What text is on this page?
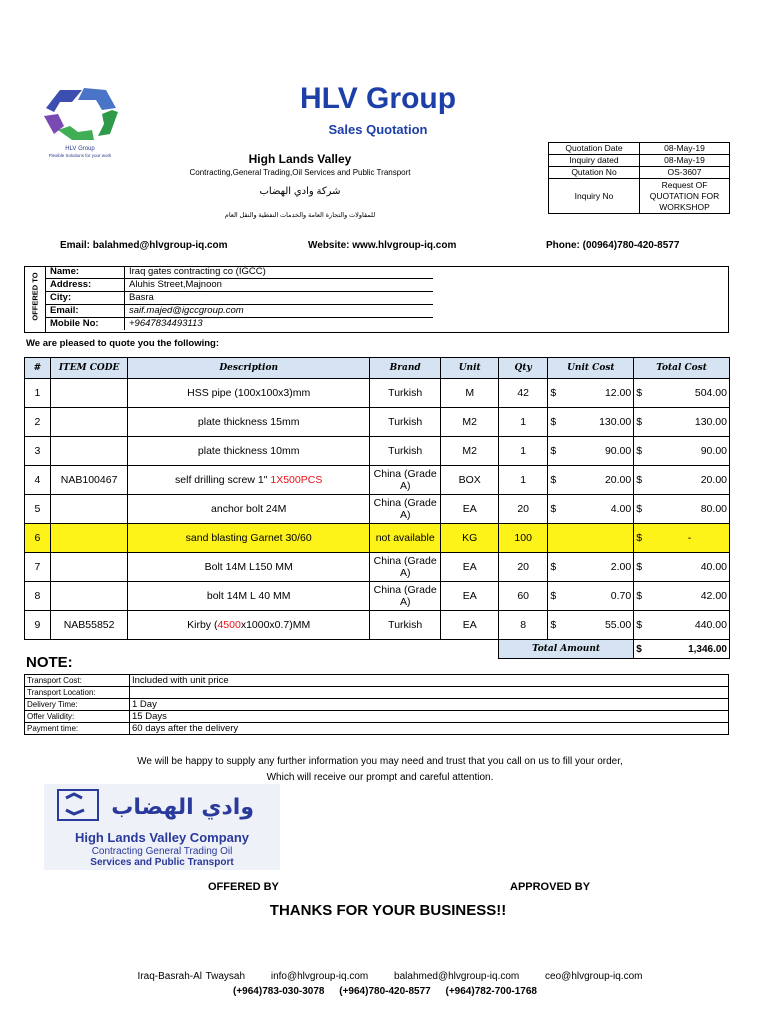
HLV Group
Flexible Solutions for your work
HLV Group
Sales Quotation
High Lands Valley
Contracting,General Trading,Oil Services and Public Transport
شركة وادي الهضاب
للمقاولات والتجارة العامة والخدمات النفطية والنقل العام
Quotation Date	08-May-19
Inquiry dated	08-May-19
Qutation No	OS-3607
Inquiry No	Request OF QUOTATION FOR WORKSHOP
Email: balahmed@hlvgroup-iq.com	Website: www.hlvgroup-iq.com	Phone: (00964)780-420-8577
OFFERED TO
Name:	Iraq gates contracting co (IGCC)
Address:	Aluhis Street,Majnoon
City:	Basra
Email:	saif.majed@igccgroup.com
Mobile No:	+9647834493113
We are pleased to quote you the following:
#	ITEM CODE	Description	Brand	Unit	Qty	Unit Cost		Total Cost	
1		HSS pipe (100x100x3)mm	Turkish	M	42	$	12.00	$	504.00
2		plate thickness 15mm	Turkish	M2	1	$	130.00	$	130.00
3		plate thickness 10mm	Turkish	M2	1	$	90.00	$	90.00
4	NAB100467	self drilling screw 1" 1X500PCS	China (Grade A)	BOX	1	$	20.00	$	20.00
5		anchor bolt 24M	China (Grade A)	EA	20	$	4.00	$	80.00
6		sand blasting Garnet 30/60	not available	KG	100			$	-
7		Bolt 14M L150 MM	China (Grade A)	EA	20	$	2.00	$	40.00
8		bolt 14M L 40 MM	China (Grade A)	EA	60	$	0.70	$	42.00
9	NAB55852	Kirby (4500x1000x0.7)MM	Turkish	EA	8	$	55.00	$	440.00
					Total Amount			$	1,346.00
NOTE:
Transport Cost:	Included with unit price
Transport Location:	
Delivery Time:	1 Day
Offer Validity:	15 Days
Payment time:	60 days after the delivery
We will be happy to supply any further information you may need and trust that you call on us to fill your order,
Which will receive our prompt and careful attention.
وادي الهضاب
High Lands Valley Company
Contracting General Trading Oil
Services and Public Transport
OFFERED BY	APPROVED BY
THANKS FOR YOUR BUSINESS!!
Iraq-Basrah-Al Twaysah	info@hlvgroup-iq.com	balahmed@hlvgroup-iq.com	ceo@hlvgroup-iq.com
(+964)783-030-3078 (+964)780-420-8577 (+964)782-700-1768
